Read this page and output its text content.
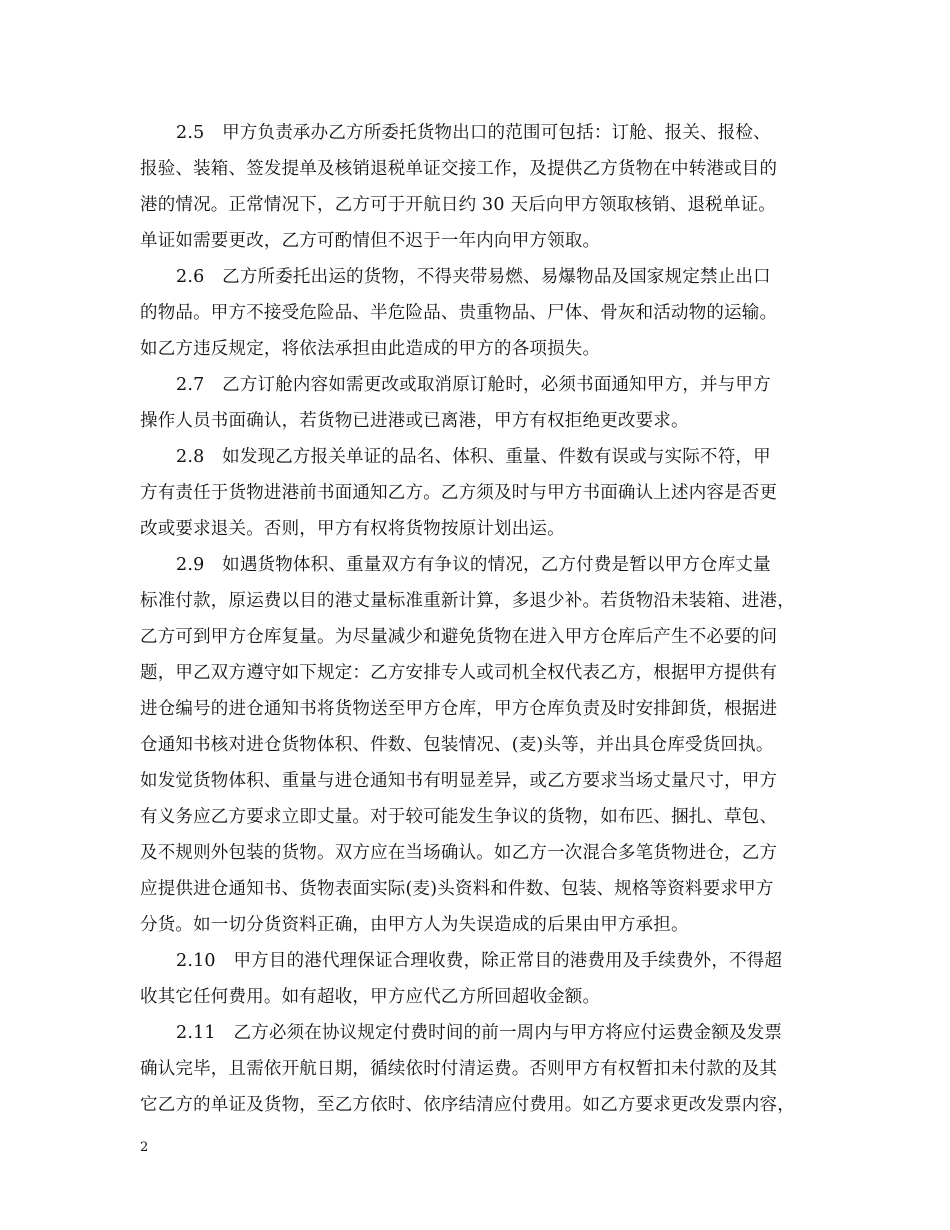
2.5　甲方负责承办乙方所委托货物出口的范围可包括：订舱、报关、报检、
报验、装箱、签发提单及核销退税单证交接工作，及提供乙方货物在中转港或目的
港的情况。正常情况下，乙方可于开航日约 30 天后向甲方领取核销、退税单证。
单证如需要更改，乙方可酌情但不迟于一年内向甲方领取。
2.6　乙方所委托出运的货物，不得夹带易燃、易爆物品及国家规定禁止出口
的物品。甲方不接受危险品、半危险品、贵重物品、尸体、骨灰和活动物的运输。
如乙方违反规定，将依法承担由此造成的甲方的各项损失。
2.7　乙方订舱内容如需更改或取消原订舱时，必须书面通知甲方，并与甲方
操作人员书面确认，若货物已进港或已离港，甲方有权拒绝更改要求。
2.8　如发现乙方报关单证的品名、体积、重量、件数有误或与实际不符，甲
方有责任于货物进港前书面通知乙方。乙方须及时与甲方书面确认上述内容是否更
改或要求退关。否则，甲方有权将货物按原计划出运。
2.9　如遇货物体积、重量双方有争议的情况，乙方付费是暂以甲方仓库丈量
标准付款，原运费以目的港丈量标准重新计算，多退少补。若货物沿未装箱、进港，
乙方可到甲方仓库复量。为尽量减少和避免货物在进入甲方仓库后产生不必要的问
题，甲乙双方遵守如下规定：乙方安排专人或司机全权代表乙方，根据甲方提供有
进仓编号的进仓通知书将货物送至甲方仓库，甲方仓库负责及时安排卸货，根据进
仓通知书核对进仓货物体积、件数、包装情况、(麦)头等，并出具仓库受货回执。
如发觉货物体积、重量与进仓通知书有明显差异，或乙方要求当场丈量尺寸，甲方
有义务应乙方要求立即丈量。对于较可能发生争议的货物，如布匹、捆扎、草包、
及不规则外包装的货物。双方应在当场确认。如乙方一次混合多笔货物进仓，乙方
应提供进仓通知书、货物表面实际(麦)头资料和件数、包装、规格等资料要求甲方
分货。如一切分货资料正确，由甲方人为失误造成的后果由甲方承担。
2.10　甲方目的港代理保证合理收费，除正常目的港费用及手续费外，不得超
收其它任何费用。如有超收，甲方应代乙方所回超收金额。
2.11　乙方必须在协议规定付费时间的前一周内与甲方将应付运费金额及发票
确认完毕，且需依开航日期，循续依时付清运费。否则甲方有权暂扣未付款的及其
它乙方的单证及货物，至乙方依时、依序结清应付费用。如乙方要求更改发票内容，
2
